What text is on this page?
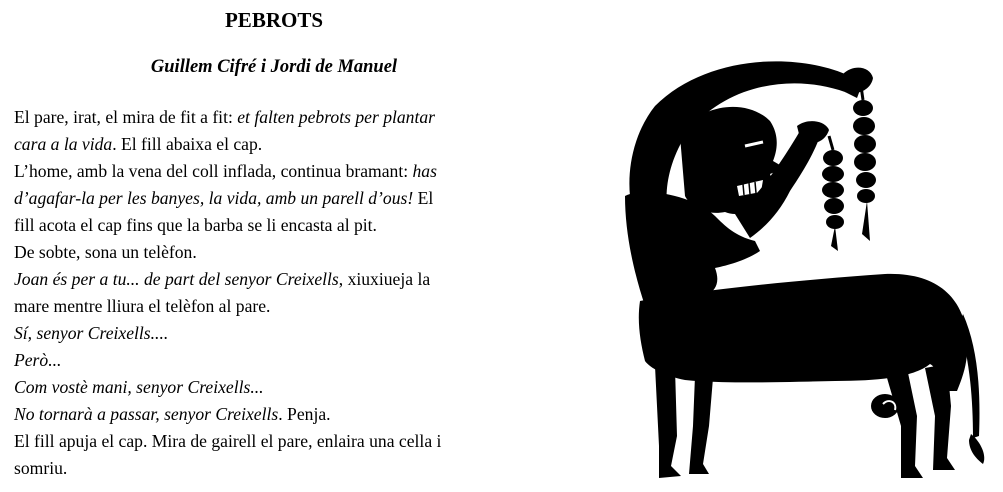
PEBROTS
Guillem Cifré i Jordi de Manuel
El pare, irat, el mira de fit a fit: et falten pebrots per plantar
cara a la vida. El fill abaixa el cap.
L’home, amb la vena del coll inflada, continua bramant: has
d’agafar-la per les banyes, la vida, amb un parell d’ous! El
fill acota el cap fins que la barba se li encasta al pit.
De sobte, sona un telèfon.
Joan és per a tu... de part del senyor Creixells, xiuxiueja la
mare mentre lliura el telèfon al pare.
Sí, senyor Creixells....
Però...
Com vostè mani, senyor Creixells...
No tornarà a passar, senyor Creixells. Penja.
El fill apuja el cap. Mira de gairell el pare, enlaira una cella i
somriu.
